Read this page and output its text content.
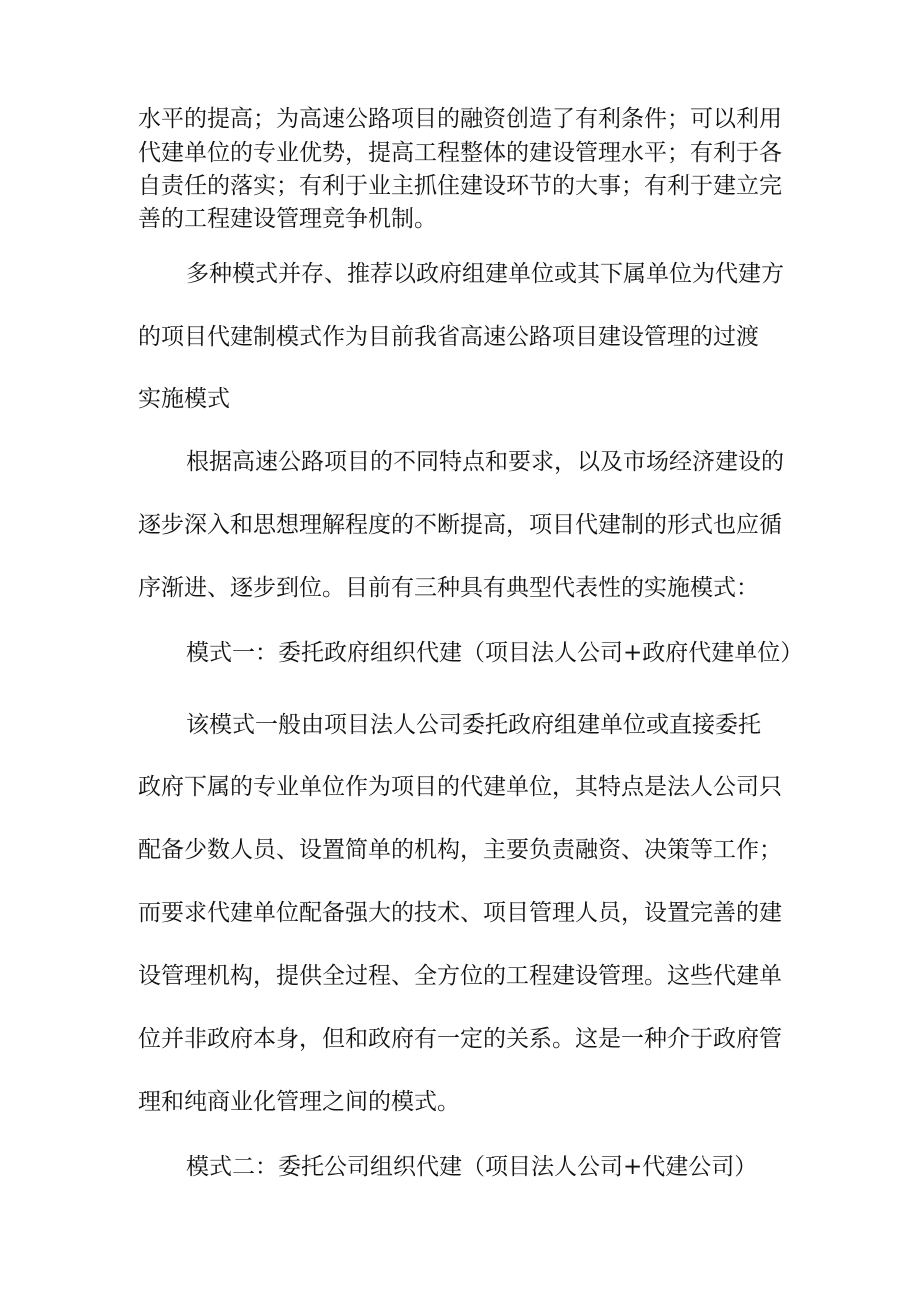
水平的提高；为高速公路项目的融资创造了有利条件；可以利用
代建单位的专业优势，提高工程整体的建设管理水平；有利于各
自责任的落实；有利于业主抓住建设环节的大事；有利于建立完
善的工程建设管理竞争机制。
多种模式并存、推荐以政府组建单位或其下属单位为代建方
的项目代建制模式作为目前我省高速公路项目建设管理的过渡
实施模式
根据高速公路项目的不同特点和要求，以及市场经济建设的
逐步深入和思想理解程度的不断提高，项目代建制的形式也应循
序渐进、逐步到位。目前有三种具有典型代表性的实施模式：
模式一：委托政府组织代建（项目法人公司+政府代建单位）
该模式一般由项目法人公司委托政府组建单位或直接委托
政府下属的专业单位作为项目的代建单位，其特点是法人公司只
配备少数人员、设置简单的机构，主要负责融资、决策等工作；
而要求代建单位配备强大的技术、项目管理人员，设置完善的建
设管理机构，提供全过程、全方位的工程建设管理。这些代建单
位并非政府本身，但和政府有一定的关系。这是一种介于政府管
理和纯商业化管理之间的模式。
模式二：委托公司组织代建（项目法人公司+代建公司）
